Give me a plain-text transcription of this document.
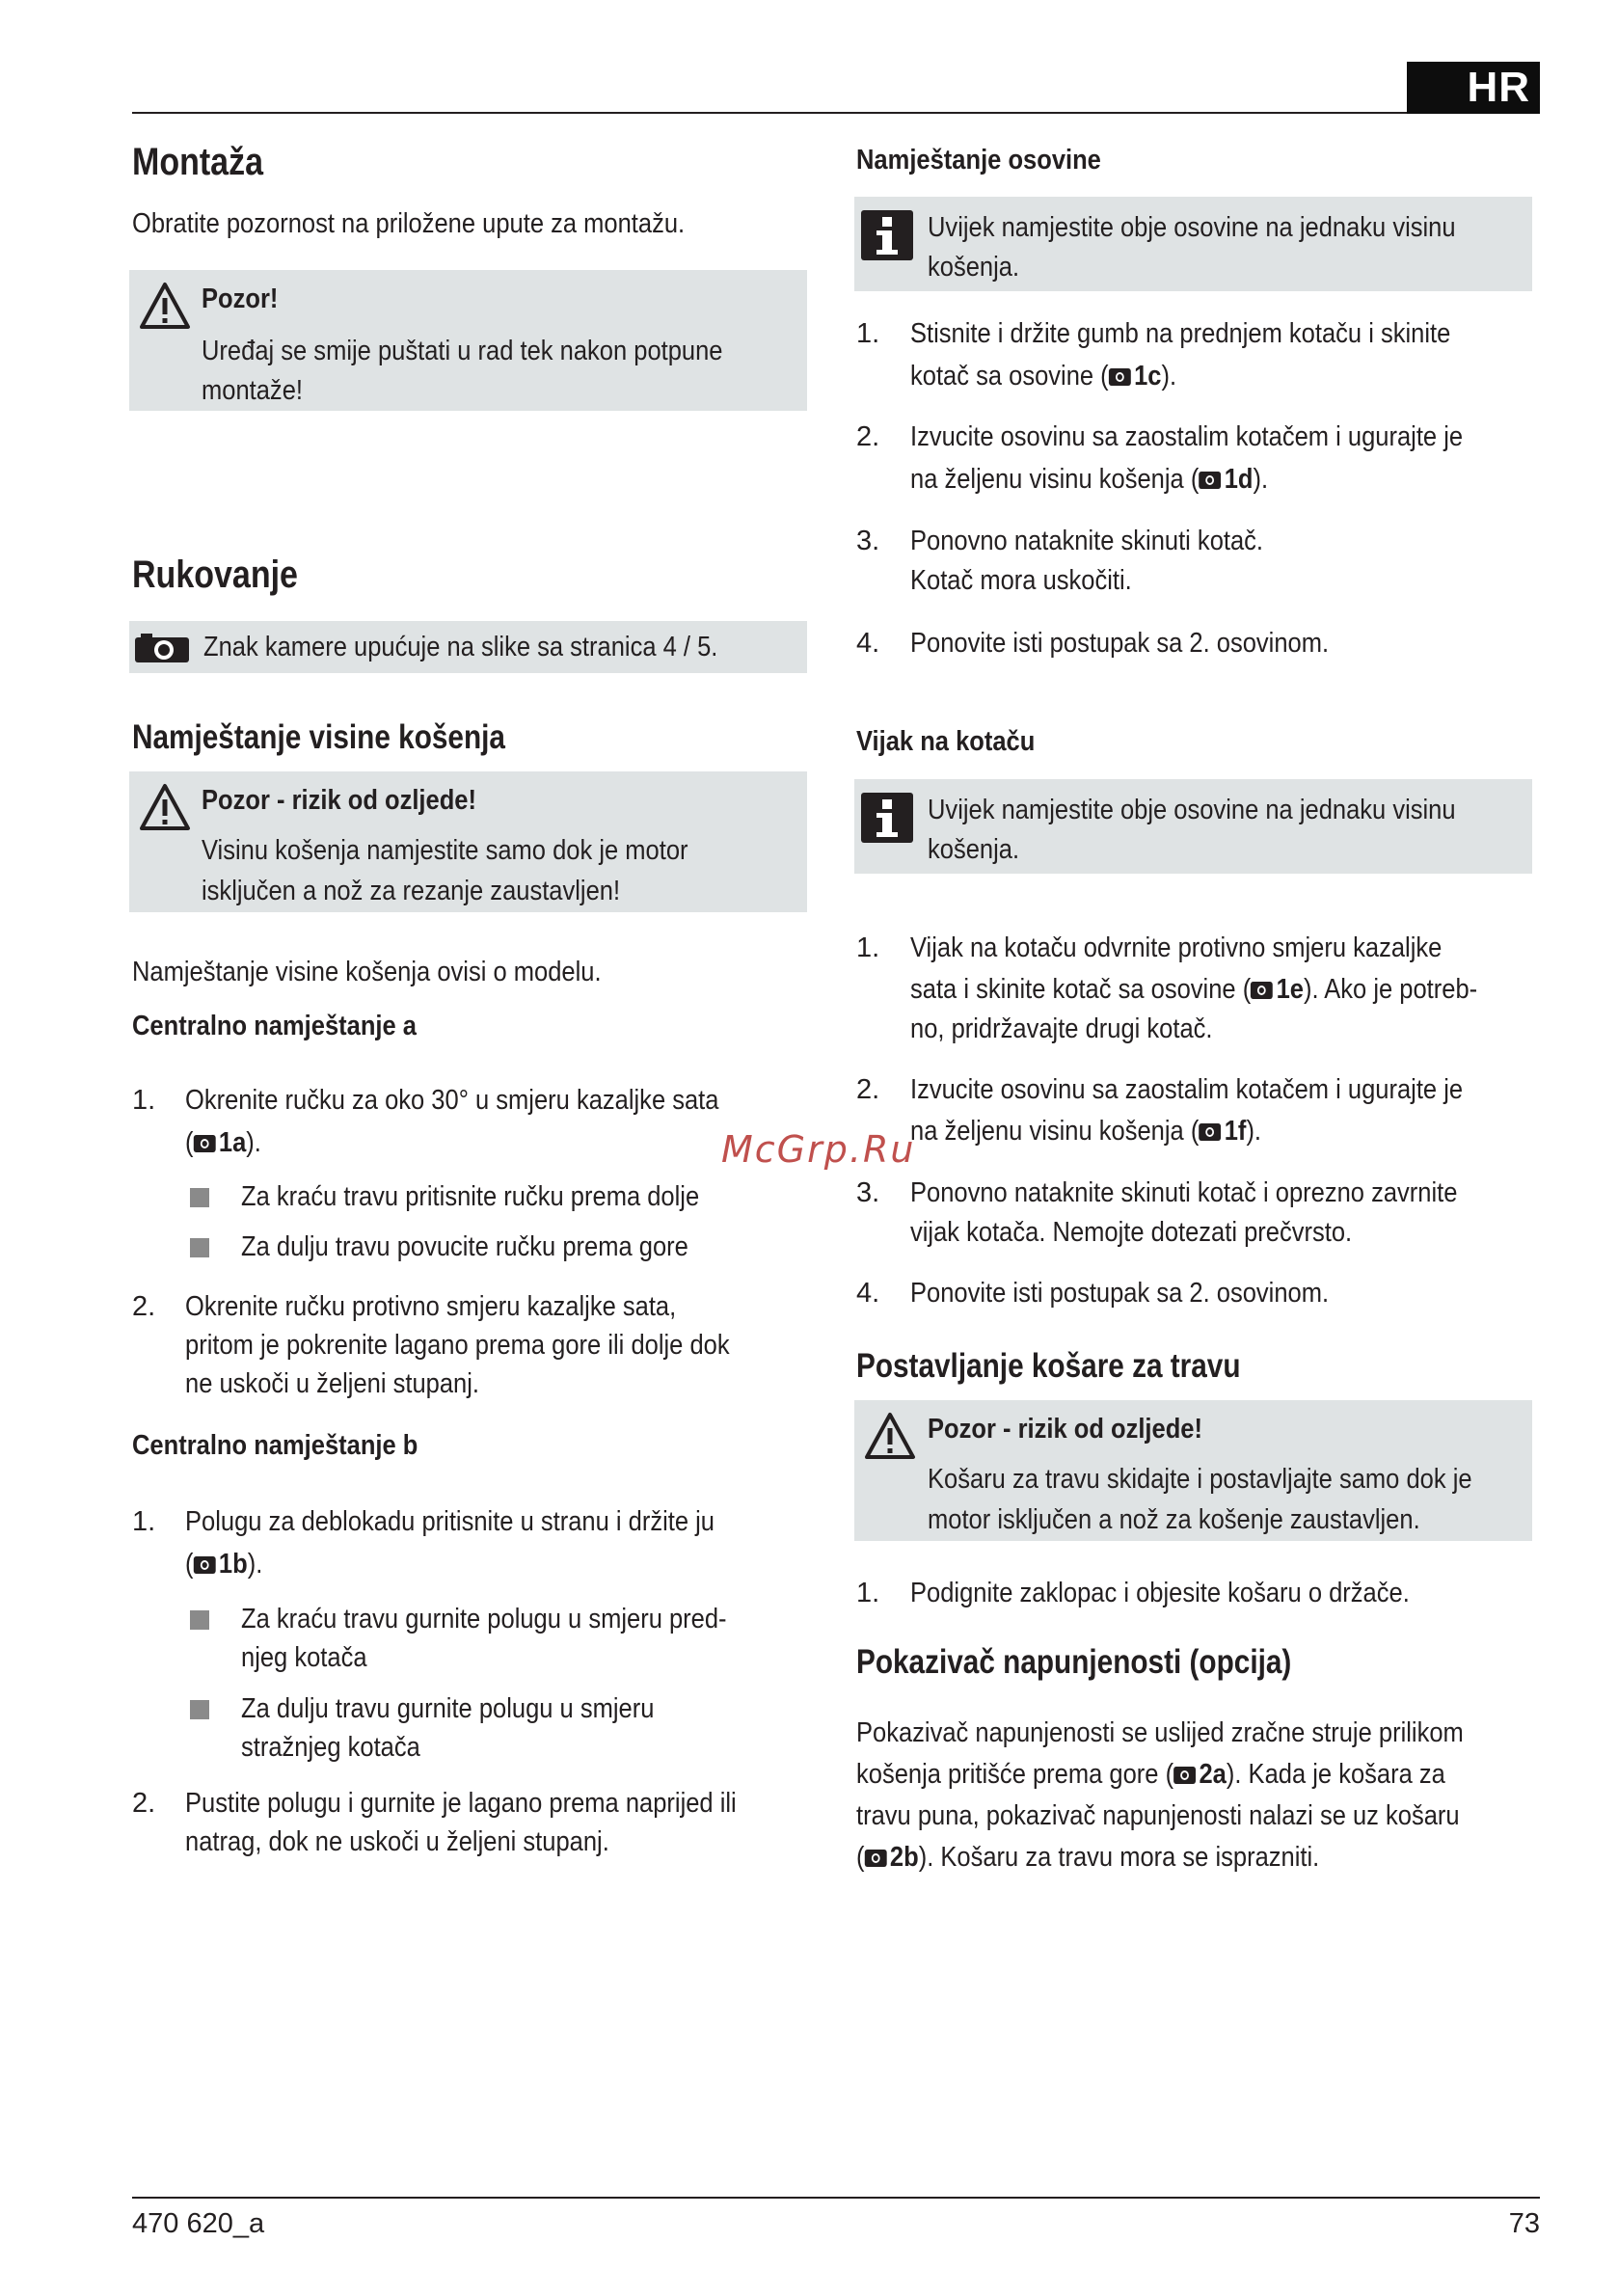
HR
Montaža
Obratite pozornost na priložene upute za montažu.
Pozor!
Uređaj se smije puštati u rad tek nakon potpune
montaže!
Rukovanje
Znak kamere upućuje na slike sa stranica 4 / 5.
Namještanje visine košenja
Pozor - rizik od ozljede!
Visinu košenja namjestite samo dok je motor
isključen a nož za rezanje zaustavljen!
Namještanje visine košenja ovisi o modelu.
Centralno namještanje a
1. Okrenite ručku za oko 30° u smjeru kazaljke sata
( 1a).
Za kraću travu pritisnite ručku prema dolje
Za dulju travu povucite ručku prema gore
2. Okrenite ručku protivno smjeru kazaljke sata,
pritom je pokrenite lagano prema gore ili dolje dok
ne uskoči u željeni stupanj.
Centralno namještanje b
1. Polugu za deblokadu pritisnite u stranu i držite ju
( 1b).
Za kraću travu gurnite polugu u smjeru pred-
njeg kotača
Za dulju travu gurnite polugu u smjeru
stražnjeg kotača
2. Pustite polugu i gurnite je lagano prema naprijed ili
natrag, dok ne uskoči u željeni stupanj.
Namještanje osovine
Uvijek namjestite obje osovine na jednaku visinu
košenja.
1. Stisnite i držite gumb na prednjem kotaču i skinite
kotač sa osovine ( 1c).
2. Izvucite osovinu sa zaostalim kotačem i ugurajte je
na željenu visinu košenja ( 1d).
3. Ponovno nataknite skinuti kotač.
Kotač mora uskočiti.
4. Ponovite isti postupak sa 2. osovinom.
Vijak na kotaču
Uvijek namjestite obje osovine na jednaku visinu
košenja.
1. Vijak na kotaču odvrnite protivno smjeru kazaljke
sata i skinite kotač sa osovine ( 1e). Ako je potreb-
no, pridržavajte drugi kotač.
2. Izvucite osovinu sa zaostalim kotačem i ugurajte je
na željenu visinu košenja ( 1f).
3. Ponovno nataknite skinuti kotač i oprezno zavrnite
vijak kotača. Nemojte dotezati prečvrsto.
4. Ponovite isti postupak sa 2. osovinom.
Postavljanje košare za travu
Pozor - rizik od ozljede!
Košaru za travu skidajte i postavljajte samo dok je
motor isključen a nož za košenje zaustavljen.
1. Podignite zaklopac i objesite košaru o držače.
Pokazivač napunjenosti (opcija)
Pokazivač napunjenosti se uslijed zračne struje prilikom
košenja pritišće prema gore ( 2a). Kada je košara za
travu puna, pokazivač napunjenosti nalazi se uz košaru
( 2b). Košaru za travu mora se isprazniti.
McGrp.Ru
470 620_a	73
